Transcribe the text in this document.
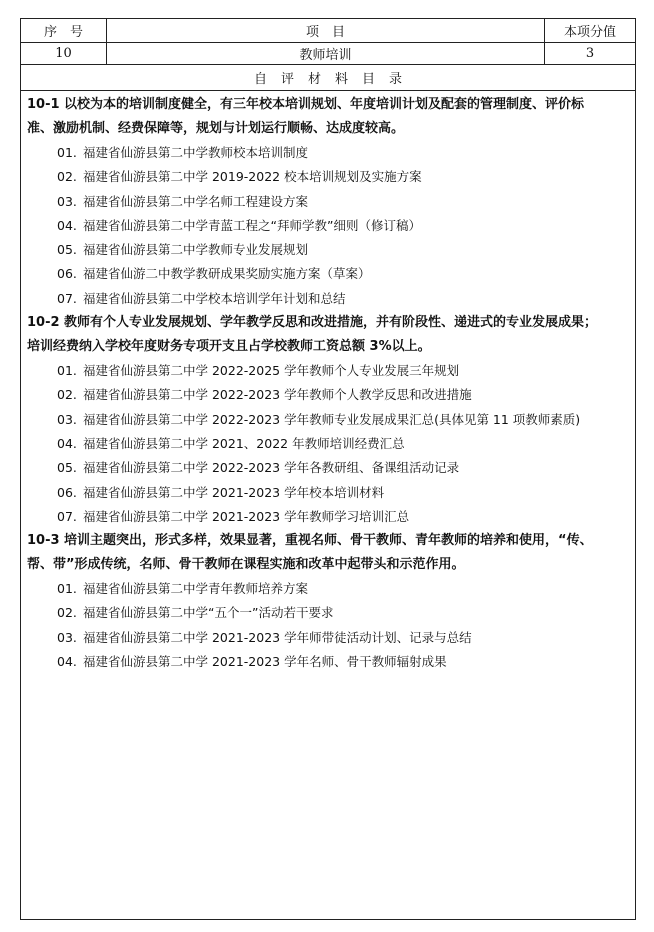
序　号	项　目	本项分值
10	教师培训	3
自评材料目录

10-1 以校为本的培训制度健全，有三年校本培训规划、年度培训计划及配套的管理制度、评价标

准、激励机制、经费保障等，规划与计划运行顺畅、达成度较高。

01. 福建省仙游县第二中学教师校本培训制度

02. 福建省仙游县第二中学 2019-2022 校本培训规划及实施方案

03. 福建省仙游县第二中学名师工程建设方案

04. 福建省仙游县第二中学青蓝工程之“拜师学教”细则（修订稿）

05. 福建省仙游县第二中学教师专业发展规划

06. 福建省仙游二中教学教研成果奖励实施方案（草案）

07. 福建省仙游县第二中学校本培训学年计划和总结

10-2 教师有个人专业发展规划、学年教学反思和改进措施，并有阶段性、递进式的专业发展成果；

培训经费纳入学校年度财务专项开支且占学校教师工资总额 3%以上。

01. 福建省仙游县第二中学 2022-2025 学年教师个人专业发展三年规划

02. 福建省仙游县第二中学 2022-2023 学年教师个人教学反思和改进措施

03. 福建省仙游县第二中学 2022-2023 学年教师专业发展成果汇总(具体见第 11 项教师素质)

04. 福建省仙游县第二中学 2021、2022 年教师培训经费汇总

05. 福建省仙游县第二中学 2022-2023 学年各教研组、备课组活动记录

06. 福建省仙游县第二中学 2021-2023 学年校本培训材料

07. 福建省仙游县第二中学 2021-2023 学年教师学习培训汇总

10-3 培训主题突出，形式多样，效果显著，重视名师、骨干教师、青年教师的培养和使用，“传、

帮、带”形成传统，名师、骨干教师在课程实施和改革中起带头和示范作用。

01. 福建省仙游县第二中学青年教师培养方案

02. 福建省仙游县第二中学“五个一”活动若干要求

03. 福建省仙游县第二中学 2021-2023 学年师带徒活动计划、记录与总结

04. 福建省仙游县第二中学 2021-2023 学年名师、骨干教师辐射成果
